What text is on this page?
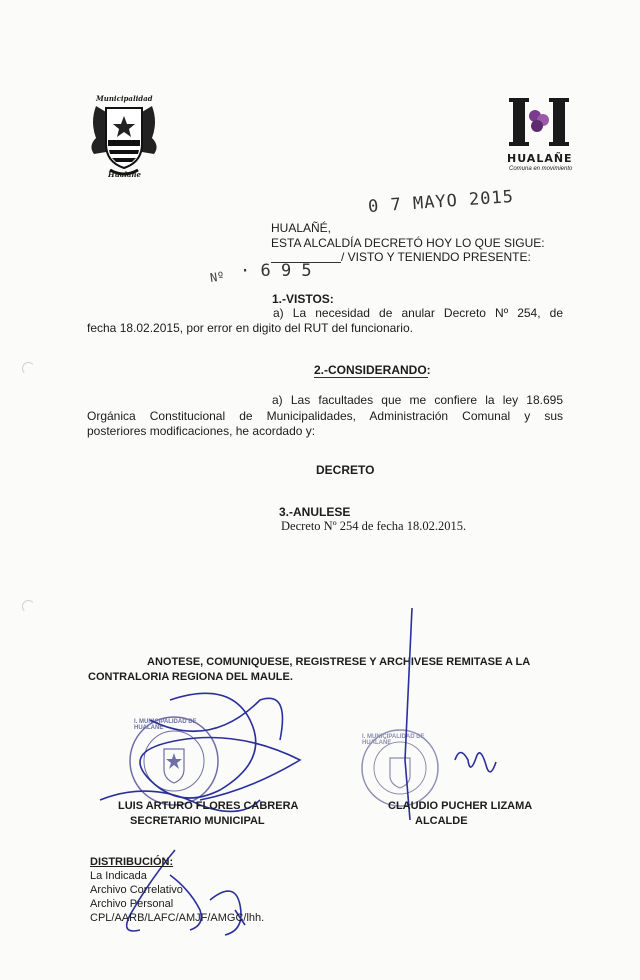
Municipalidad
Hualañe
HUALAÑE
Comuna en movimiento
0 7 MAYO 2015
HUALAÑÉ,
ESTA ALCALDÍA DECRETÓ HOY LO QUE SIGUE:
/ VISTO Y TENIENDO PRESENTE:
Nº · 6 9 5
1.-VISTOS:
a) La necesidad de anular Decreto Nº 254, de
fecha 18.02.2015, por error en digito del RUT del funcionario.
2.-CONSIDERANDO:
a) Las facultades que me confiere la ley 18.695
Orgánica Constitucional de Municipalidades, Administración Comunal y sus
posteriores modificaciones, he acordado y:
DECRETO
3.-ANULESE
Decreto Nº 254 de fecha 18.02.2015.
ANOTESE, COMUNIQUESE, REGISTRESE Y ARCHIVESE REMITASE A LA
CONTRALORIA REGIONA DEL MAULE.
I. MUNICIPALIDAD DE HUALAÑE
I. MUNICIPALIDAD DE HUALAÑE
LUIS ARTURO FLORES CABRERA
SECRETARIO MUNICIPAL
CLAUDIO PUCHER LIZAMA
ALCALDE
DISTRIBUCIÓN:
La Indicada
Archivo Correlativo
Archivo Personal
CPL/AARB/LAFC/AMJF/AMGC/lhh.
